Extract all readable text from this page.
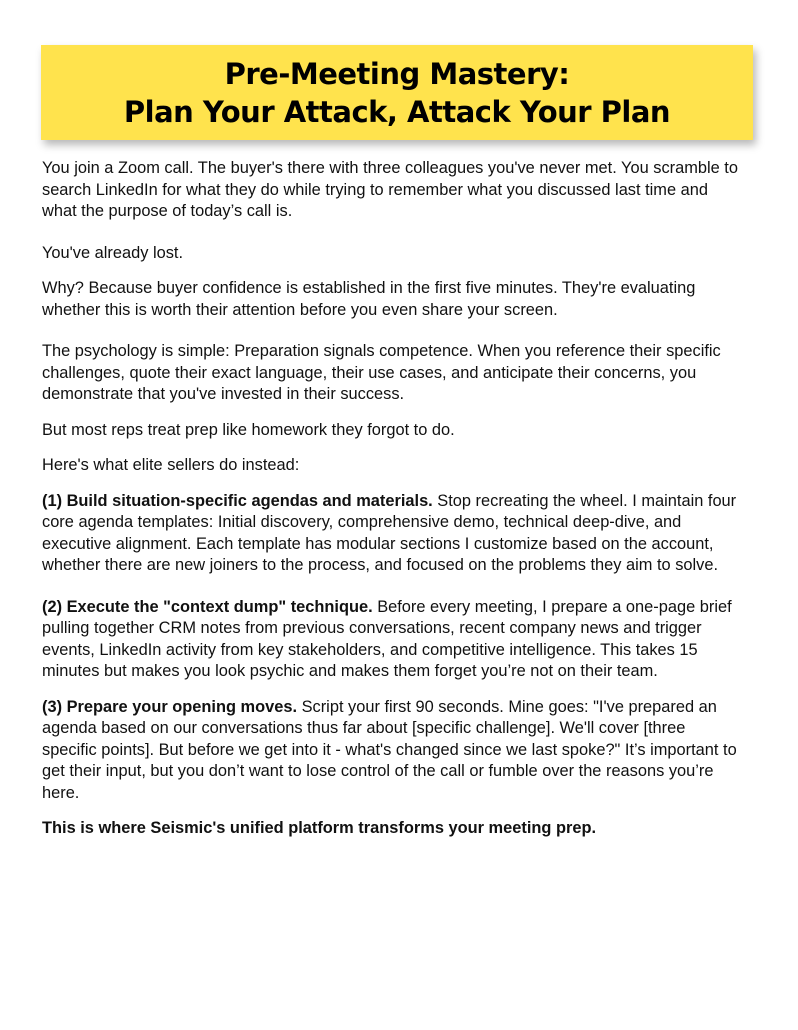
Pre-Meeting Mastery:
Plan Your Attack, Attack Your Plan

You join a Zoom call. The buyer's there with three colleagues you've never met. You scramble to search LinkedIn for what they do while trying to remember what you discussed last time and what the purpose of today’s call is.

You've already lost.

Why? Because buyer confidence is established in the first five minutes. They're evaluating whether this is worth their attention before you even share your screen.

The psychology is simple: Preparation signals competence. When you reference their specific challenges, quote their exact language, their use cases, and anticipate their concerns, you demonstrate that you've invested in their success.

But most reps treat prep like homework they forgot to do.

Here's what elite sellers do instead:

(1) Build situation-specific agendas and materials. Stop recreating the wheel. I maintain four core agenda templates: Initial discovery, comprehensive demo, technical deep-dive, and executive alignment. Each template has modular sections I customize based on the account, whether there are new joiners to the process, and focused on the problems they aim to solve.

(2) Execute the "context dump" technique. Before every meeting, I prepare a one-page brief pulling together CRM notes from previous conversations, recent company news and trigger events, LinkedIn activity from key stakeholders, and competitive intelligence. This takes 15 minutes but makes you look psychic and makes them forget you’re not on their team.

(3) Prepare your opening moves. Script your first 90 seconds. Mine goes: "I've prepared an agenda based on our conversations thus far about [specific challenge]. We'll cover [three specific points]. But before we get into it - what's changed since we last spoke?" It’s important to get their input, but you don’t want to lose control of the call or fumble over the reasons you’re here.

This is where Seismic's unified platform transforms your meeting prep.
